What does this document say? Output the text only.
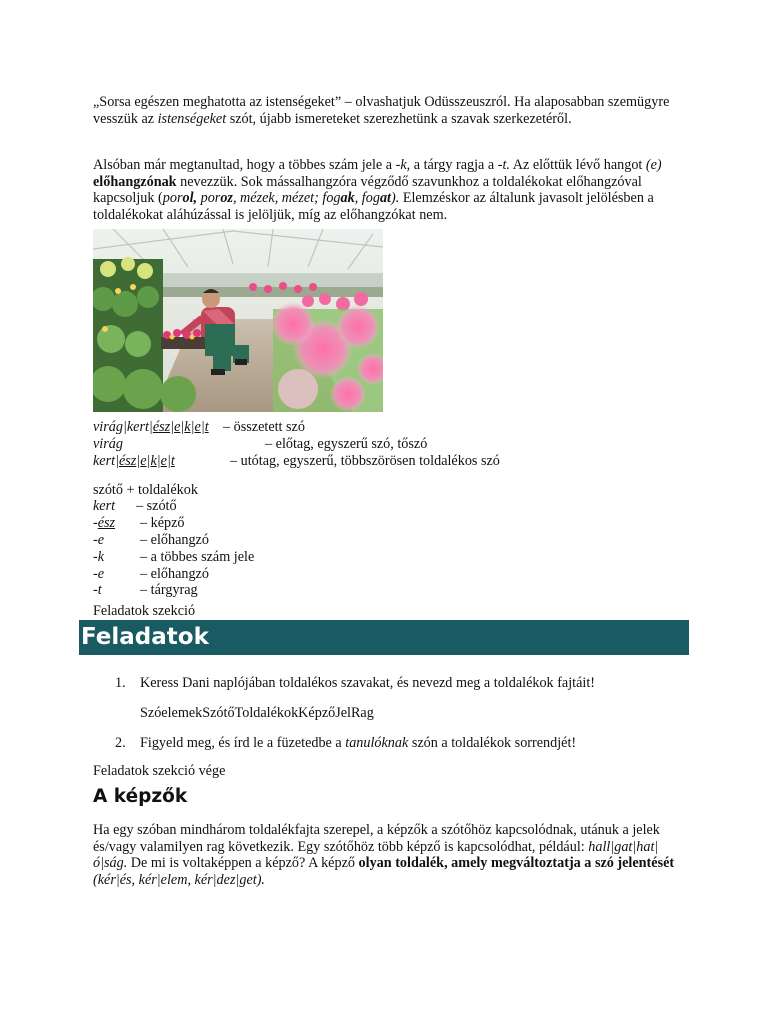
„Sorsa egészen meghatotta az istenségeket” – olvashatjuk Odüsszeuszról. Ha alaposabban szemügyre vesszük az istenségeket szót, újabb ismereteket szerezhetünk a szavak szerkezetéről.

Alsóban már megtanultad, hogy a többes szám jele a -k, a tárgy ragja a -t. Az előttük lévő hangot (e) előhangzónak nevezzük. Sok mássalhangzóra végződő szavunkhoz a toldalékokat előhangzóval kapcsoljuk (porol, poroz, mézek, mézet; fogak, fogat). Elemzéskor az általunk javasolt jelölésben a toldalékokat aláhúzással is jelöljük, míg az előhangzókat nem.

virág|kert|ész|e|k|e|t – összetett szó
virág	– előtag, egyszerű szó, tőszó
kert|ész|e|k|e|t	– utótag, egyszerű, többszörösen toldalékos szó
szótő + toldalékok
kert – szótő
-ész – képző
-e	– előhangzó
-k	– a többes szám jele
-e	– előhangzó
-t	– tárgyrag
Feladatok szekció
Feladatok
1. Keress Dani naplójában toldalékos szavakat, és nevezd meg a toldalékok fajtáit!
SzóelemekSzótőToldalékokKépzőJelRag
2. Figyeld meg, és írd le a füzetedbe a tanulóknak szón a toldalékok sorrendjét!
Feladatok szekció vége
A képzők

Ha egy szóban mindhárom toldalékfajta szerepel, a képzők a szótőhöz kapcsolódnak, utánuk a jelek és/vagy valamilyen rag következik. Egy szótőhöz több képző is kapcsolódhat, például: hall|gat|hat|ó|ság. De mi is voltaképpen a képző? A képző olyan toldalék, amely megváltoztatja a szó jelentését (kér|és, kér|elem, kér|dez|get).
